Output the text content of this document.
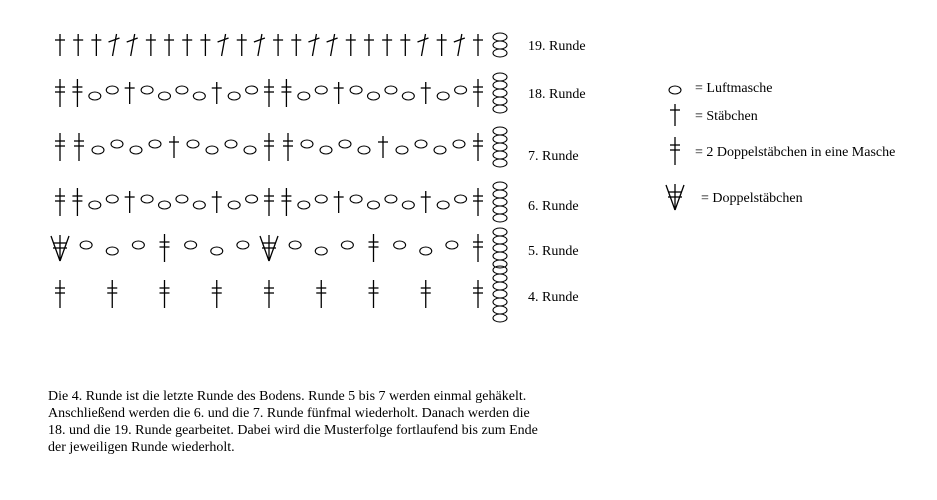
19. Runde
18. Runde
7. Runde
6. Runde
5. Runde
4. Runde
= Luftmasche
= Stäbchen
= 2 Doppelstäbchen in eine Masche
= Doppelstäbchen
Die 4. Runde ist die letzte Runde des Bodens. Runde 5 bis 7 werden einmal gehäkelt.
Anschließend werden die 6. und die 7. Runde fünfmal wiederholt. Danach werden die
18. und die 19. Runde gearbeitet. Dabei wird die Musterfolge fortlaufend bis zum Ende
der jeweiligen Runde wiederholt.
